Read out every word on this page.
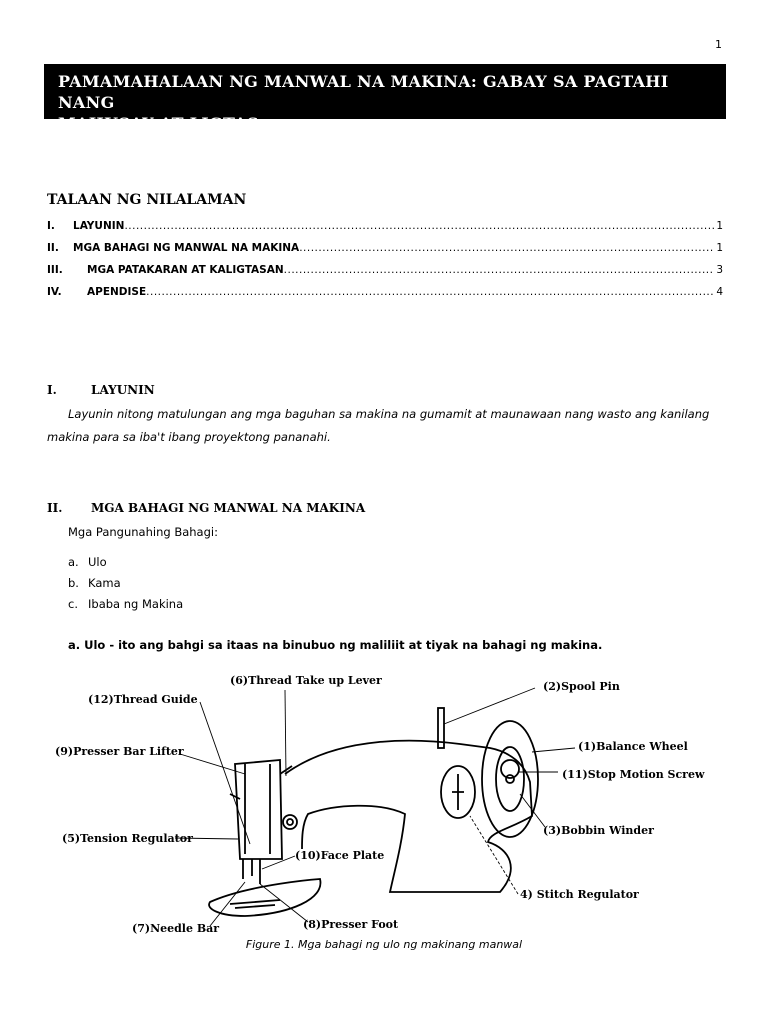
1
PAMAMAHALAAN NG MANWAL NA MAKINA: GABAY SA PAGTAHI NANG
MAHUSAY AT LIGTAS
TALAAN NG NILALAMAN
I.	LAYUNIN .....	1
II.	MGA BAHAGI NG MANWAL NA MAKINA .....	1
III.	MGA PATAKARAN AT KALIGTASAN .....	3
IV.	APENDISE .....	4
I.	LAYUNIN
Layunin nitong matulungan ang mga baguhan sa makina na gumamit at maunawaan nang wasto ang kanilang makina para sa iba't ibang proyektong pananahi.
II. MGA BAHAGI NG MANWAL NA MAKINA
Mga Pangunahing Bahagi:
a. Ulo
b. Kama
c. Ibaba ng Makina
a. Ulo - ito ang bahgi sa itaas na binubuo ng maliliit at tiyak na bahagi ng makina.
(6)Thread Take up Lever
(12)Thread Guide
(2)Spool Pin
(9)Presser Bar Lifter	(1)Balance Wheel
(11)Stop Motion Screw
(3)Bobbin Winder
(5)Tension Regulator
(10)Face Plate
4) Stitch Regulator
(7)Needle Bar	(8)Presser Foot
Figure 1. Mga bahagi ng ulo ng makinang manwal
